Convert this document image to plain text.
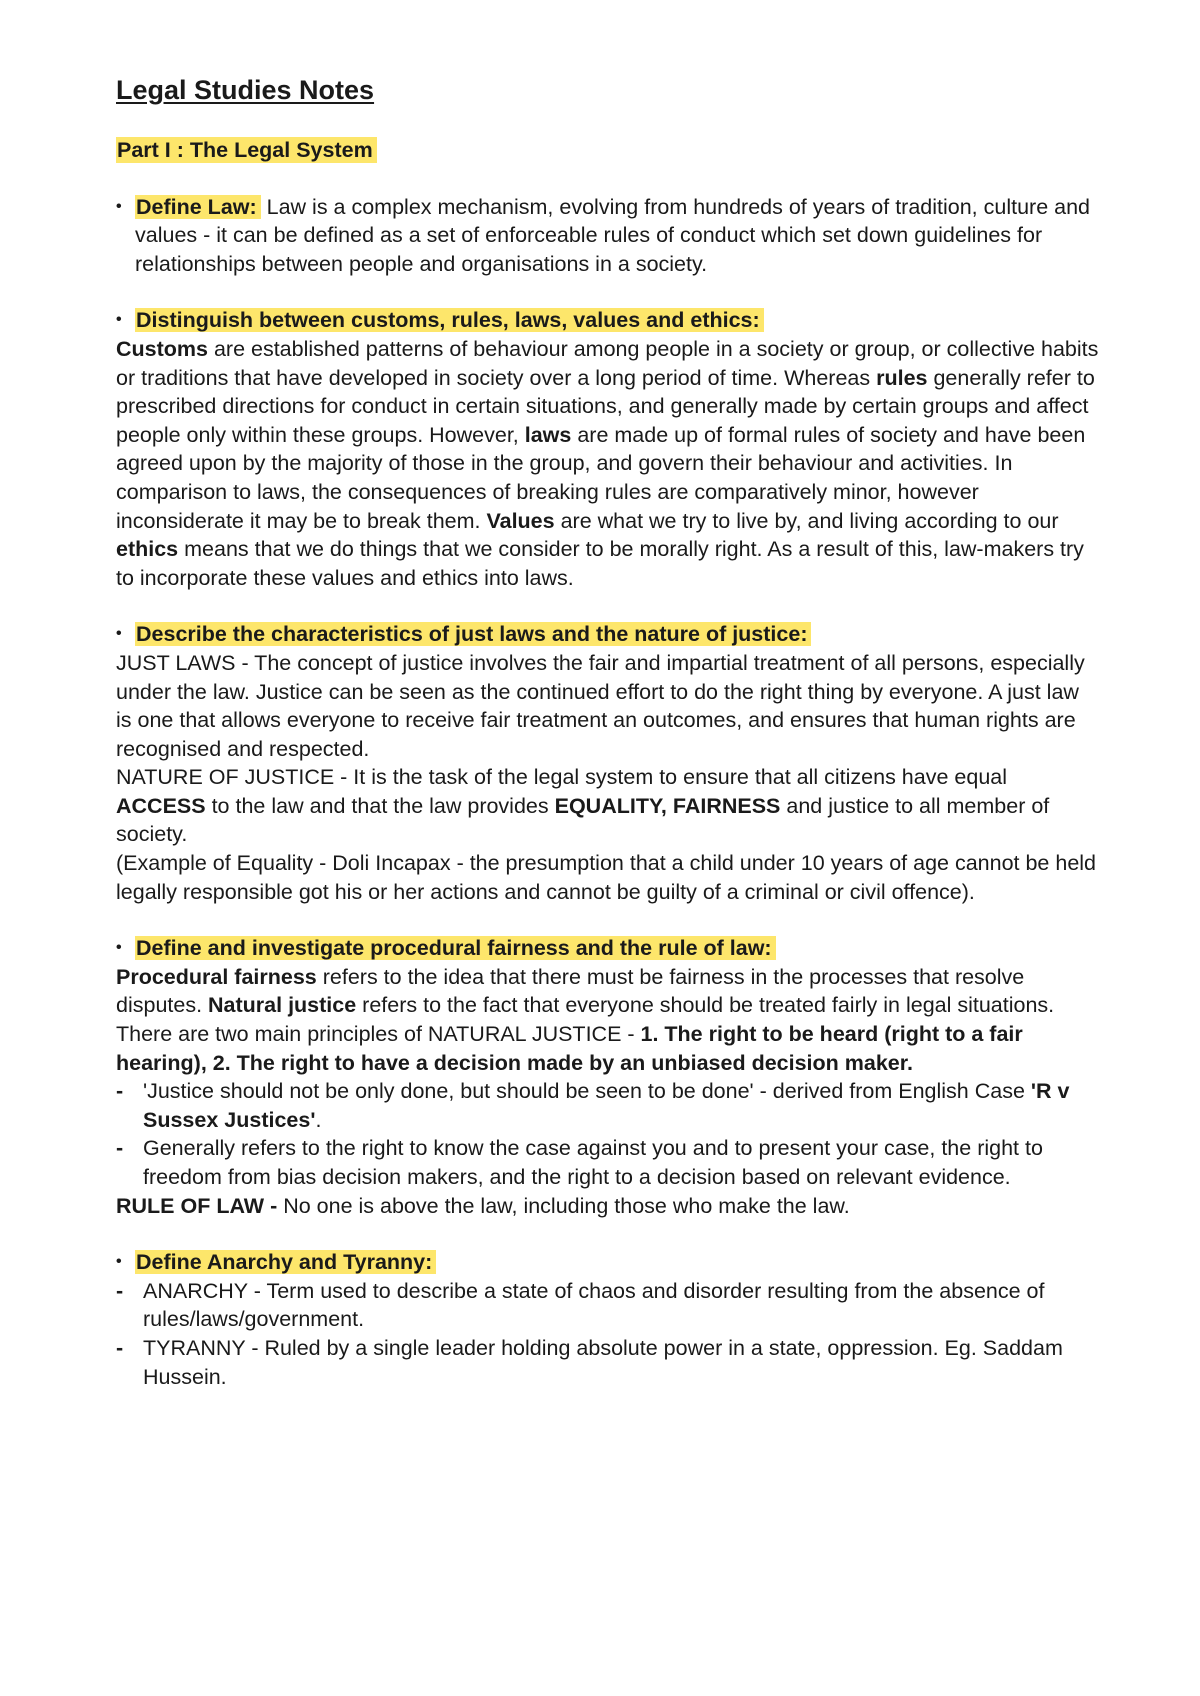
Legal Studies Notes
Part I : The Legal System

• Define Law: Law is a complex mechanism, evolving from hundreds of years of tradition, culture and values - it can be defined as a set of enforceable rules of conduct which set down guidelines for relationships between people and organisations in a society.

• Distinguish between customs, rules, laws, values and ethics:

Customs are established patterns of behaviour among people in a society or group, or collective habits or traditions that have developed in society over a long period of time. Whereas rules generally refer to prescribed directions for conduct in certain situations, and generally made by certain groups and affect people only within these groups. However, laws are made up of formal rules of society and have been agreed upon by the majority of those in the group, and govern their behaviour and activities. In comparison to laws, the consequences of breaking rules are comparatively minor, however inconsiderate it may be to break them. Values are what we try to live by, and living according to our ethics means that we do things that we consider to be morally right. As a result of this, law-makers try to incorporate these values and ethics into laws.

• Describe the characteristics of just laws and the nature of justice:

JUST LAWS - The concept of justice involves the fair and impartial treatment of all persons, especially under the law. Justice can be seen as the continued effort to do the right thing by everyone. A just law is one that allows everyone to receive fair treatment an outcomes, and ensures that human rights are recognised and respected.

NATURE OF JUSTICE - It is the task of the legal system to ensure that all citizens have equal ACCESS to the law and that the law provides EQUALITY, FAIRNESS and justice to all member of society.

(Example of Equality - Doli Incapax - the presumption that a child under 10 years of age cannot be held legally responsible got his or her actions and cannot be guilty of a criminal or civil offence).

• Define and investigate procedural fairness and the rule of law:

Procedural fairness refers to the idea that there must be fairness in the processes that resolve disputes. Natural justice refers to the fact that everyone should be treated fairly in legal situations. There are two main principles of NATURAL JUSTICE - 1. The right to be heard (right to a fair hearing), 2. The right to have a decision made by an unbiased decision maker.

- 'Justice should not be only done, but should be seen to be done' - derived from English Case 'R v Sussex Justices'.

- Generally refers to the right to know the case against you and to present your case, the right to freedom from bias decision makers, and the right to a decision based on relevant evidence.

RULE OF LAW - No one is above the law, including those who make the law.

• Define Anarchy and Tyranny:

- ANARCHY - Term used to describe a state of chaos and disorder resulting from the absence of rules/laws/government.

- TYRANNY - Ruled by a single leader holding absolute power in a state, oppression. Eg. Saddam Hussein.
